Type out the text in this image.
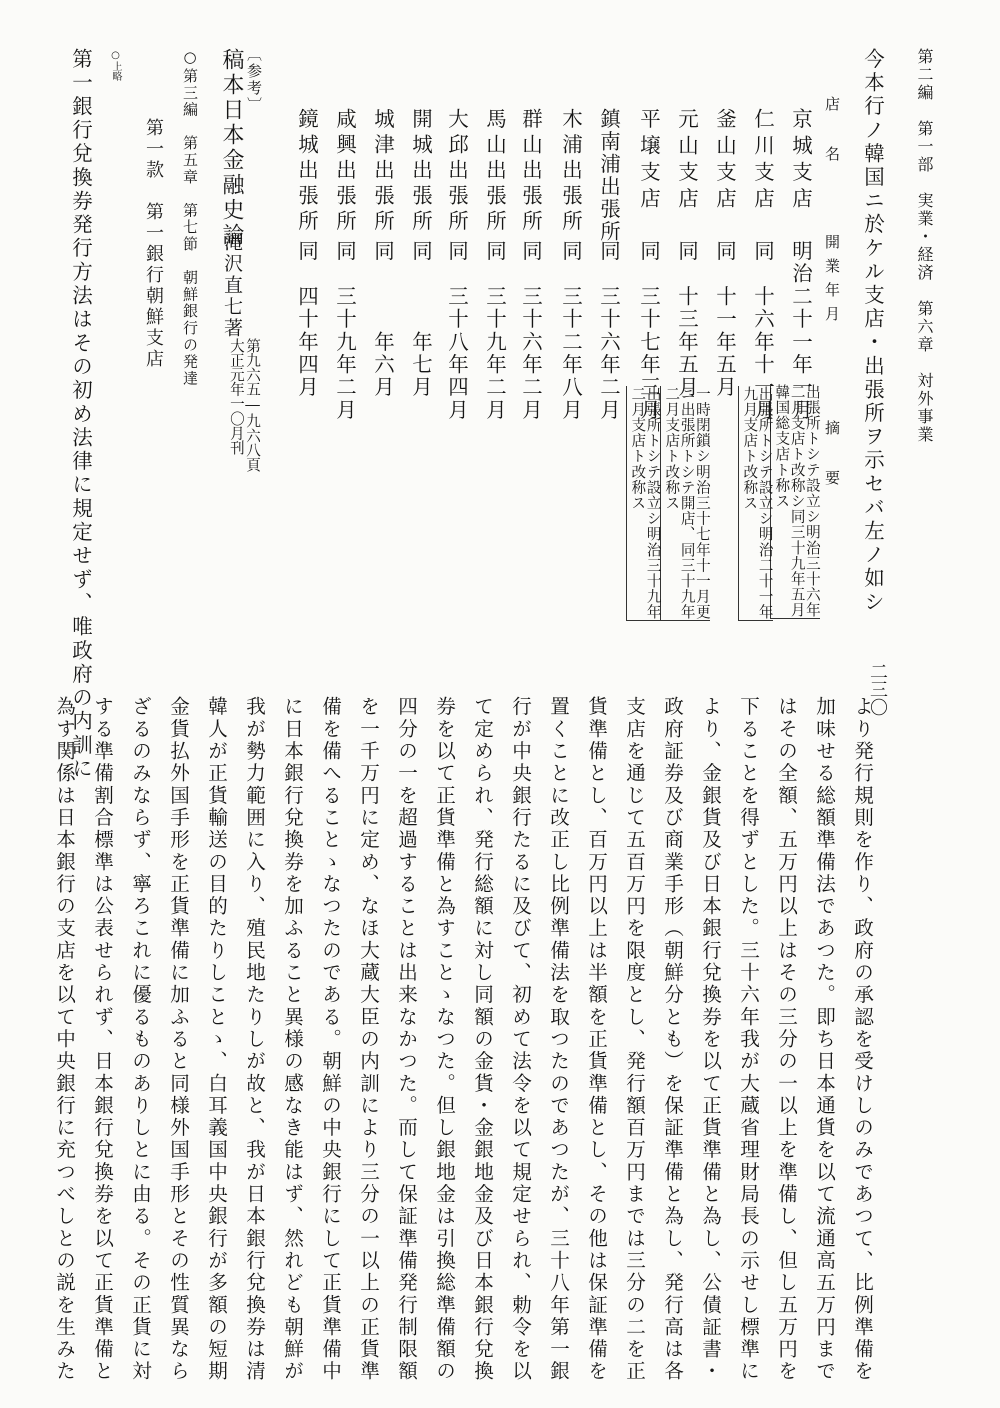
第二編　第一部　実業・経済　第六章　対外事業
二三〇
今本行ノ韓国ニ於ケル支店・出張所ヲ示セバ左ノ如シ
店　名
開業年月
摘　要
京城支店
仁川支店
釜山支店
元山支店
平壌支店
鎮南浦出張所
木浦出張所
群山出張所
馬山出張所
大邱出張所
開城出張所
城津出張所
咸興出張所
鏡城出張所
明治二十一年一月
同　十六年十一月
同　十一年五月
同　十三年五月
同　三十七年三月
同　三十六年二月
同　三十二年八月
同　三十六年二月
同　三十九年二月
同　三十八年四月
同　　　年七月
同　　　年六月
同　三十九年二月
同　四十年四月
出張所トシテ設立シ明治三十六年
二月支店ト改称シ同三十九年五月
韓国総支店ト称ス
出張所トシテ設立シ明治二十一年
九月支店ト改称ス
一時閉鎖シ明治三十七年十一月更
ニ出張所トシテ開店、同三十九年
二月支店ト改称ス
出張所トシテ設立シ明治三十九年
二月支店ト改称ス
〔参考〕
稿本日本金融史論
滝沢直七著
第九六五―九六八頁
大正元年一〇月刊
○第三編　第五章　第七節　朝鮮銀行の発達
第一款　第一銀行朝鮮支店
○上略
第一銀行兌換券発行方法はその初め法律に規定せず、唯政府の内訓に
より発行規則を作り、政府の承認を受けしのみであつて、比例準備を
加味せる総額準備法であつた。即ち日本通貨を以て流通高五万円まで
はその全額、五万円以上はその三分の一以上を準備し、但し五万円を
下ることを得ずとした。三十六年我が大蔵省理財局長の示せし標準に
より、金銀貨及び日本銀行兌換券を以て正貨準備と為し、公債証書・
政府証券及び商業手形（朝鮮分とも）を保証準備と為し、発行高は各
支店を通じて五百万円を限度とし、発行額百万円までは三分の二を正
貨準備とし、百万円以上は半額を正貨準備とし、その他は保証準備を
置くことに改正し比例準備法を取つたのであつたが、三十八年第一銀
行が中央銀行たるに及びて、初めて法令を以て規定せられ、勅令を以
て定められ、発行総額に対し同額の金貨・金銀地金及び日本銀行兌換
券を以て正貨準備と為すことゝなつた。但し銀地金は引換総準備額の
四分の一を超過することは出来なかつた。而して保証準備発行制限額
を一千万円に定め、なほ大蔵大臣の内訓により三分の一以上の正貨準
備を備へることゝなつたのである。朝鮮の中央銀行にして正貨準備中
に日本銀行兌換券を加ふること異様の感なき能はず、然れども朝鮮が
我が勢力範囲に入り、殖民地たりしが故と、我が日本銀行兌換券は清
韓人が正貨輸送の目的たりしことゝ、白耳義国中央銀行が多額の短期
金貨払外国手形を正貨準備に加ふると同様外国手形とその性質異なら
ざるのみならず、寧ろこれに優るものありしとに由る。その正貨に対
する準備割合標準は公表せられず、日本銀行兌換券を以て正貨準備と
為す関係は日本銀行の支店を以て中央銀行に充つべしとの説を生みた
